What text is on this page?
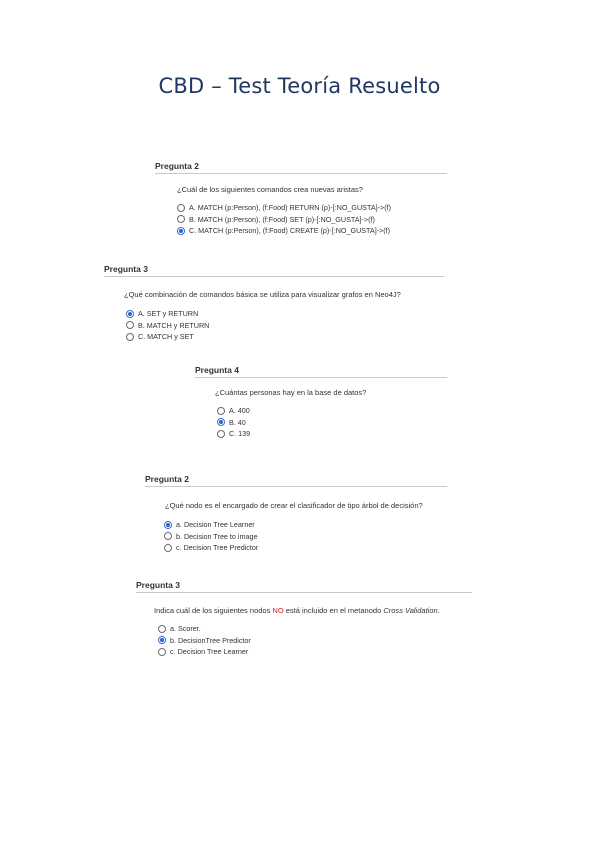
CBD – Test Teoría Resuelto
Pregunta 2
¿Cuál de los siguientes comandos crea nuevas aristas?
A. MATCH (p:Person), (f:Food) RETURN (p)-[:NO_GUSTA]->(f)
B. MATCH (p:Person), (f:Food) SET (p)-[:NO_GUSTA]->(f)
C. MATCH (p:Person), (f:Food) CREATE (p)-[:NO_GUSTA]->(f)
Pregunta 3
¿Qué combinación de comandos básica se utiliza para visualizar grafos en Neo4J?
A. SET y RETURN
B. MATCH y RETURN
C. MATCH y SET
Pregunta 4
¿Cuántas personas hay en la base de datos?
A. 400
B. 40
C. 139
Pregunta 2
¿Qué nodo es el encargado de crear el clasificador de tipo árbol de decisión?
a. Decision Tree Learner
b. Decision Tree to image
c. Decision Tree Predictor
Pregunta 3
Indica cuál de los siguientes nodos NO está incluido en el metanodo Cross Validation.
a. Scorer.
b. DecisionTree Predictor
c. Decision Tree Learner
